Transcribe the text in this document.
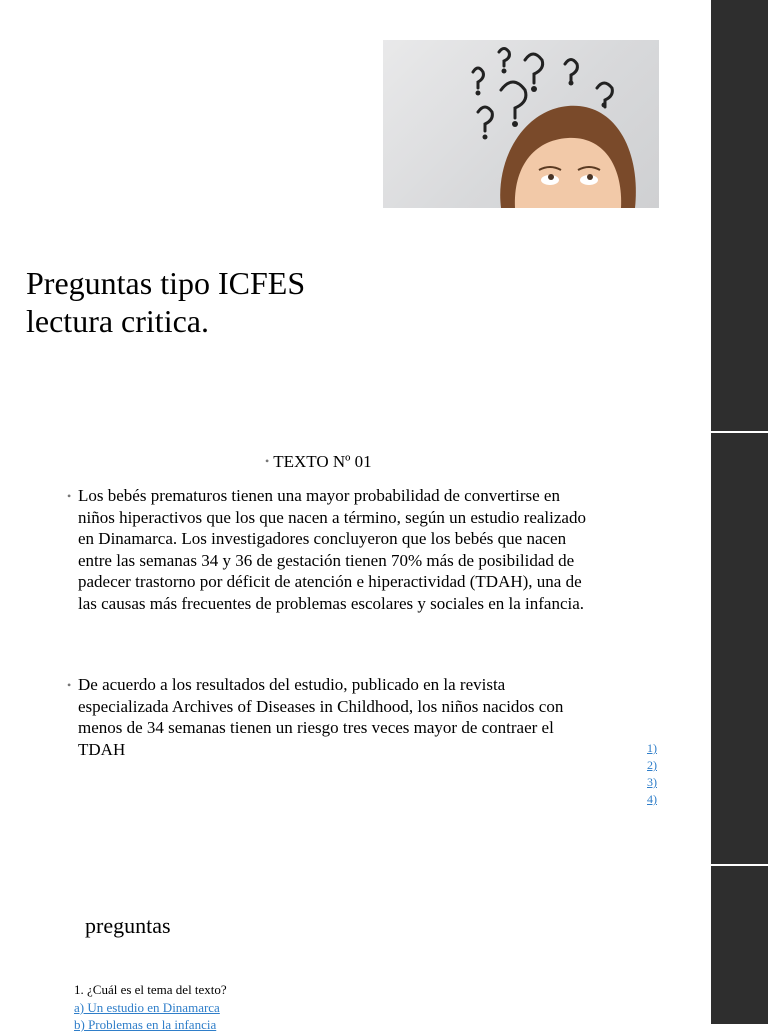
Preguntas tipo ICFES
lectura critica.
• TEXTO Nº 01

• Los bebés prematuros tienen una mayor probabilidad de convertirse en niños hiperactivos que los que nacen a término, según un estudio realizado en Dinamarca. Los investigadores concluyeron que los bebés que nacen entre las semanas 34 y 36 de gestación tienen 70% más de posibilidad de padecer trastorno por déficit de atención e hiperactividad (TDAH), una de las causas más frecuentes de problemas escolares y sociales en la infancia.

• De acuerdo a los resultados del estudio, publicado en la revista especializada Archives of Diseases in Childhood, los niños nacidos con menos de 34 semanas tienen un riesgo tres veces mayor de contraer el TDAH	1)
2)
3)
4)
preguntas
1. ¿Cuál es el tema del texto?
a) Un estudio en Dinamarca
b) Problemas en la infancia
